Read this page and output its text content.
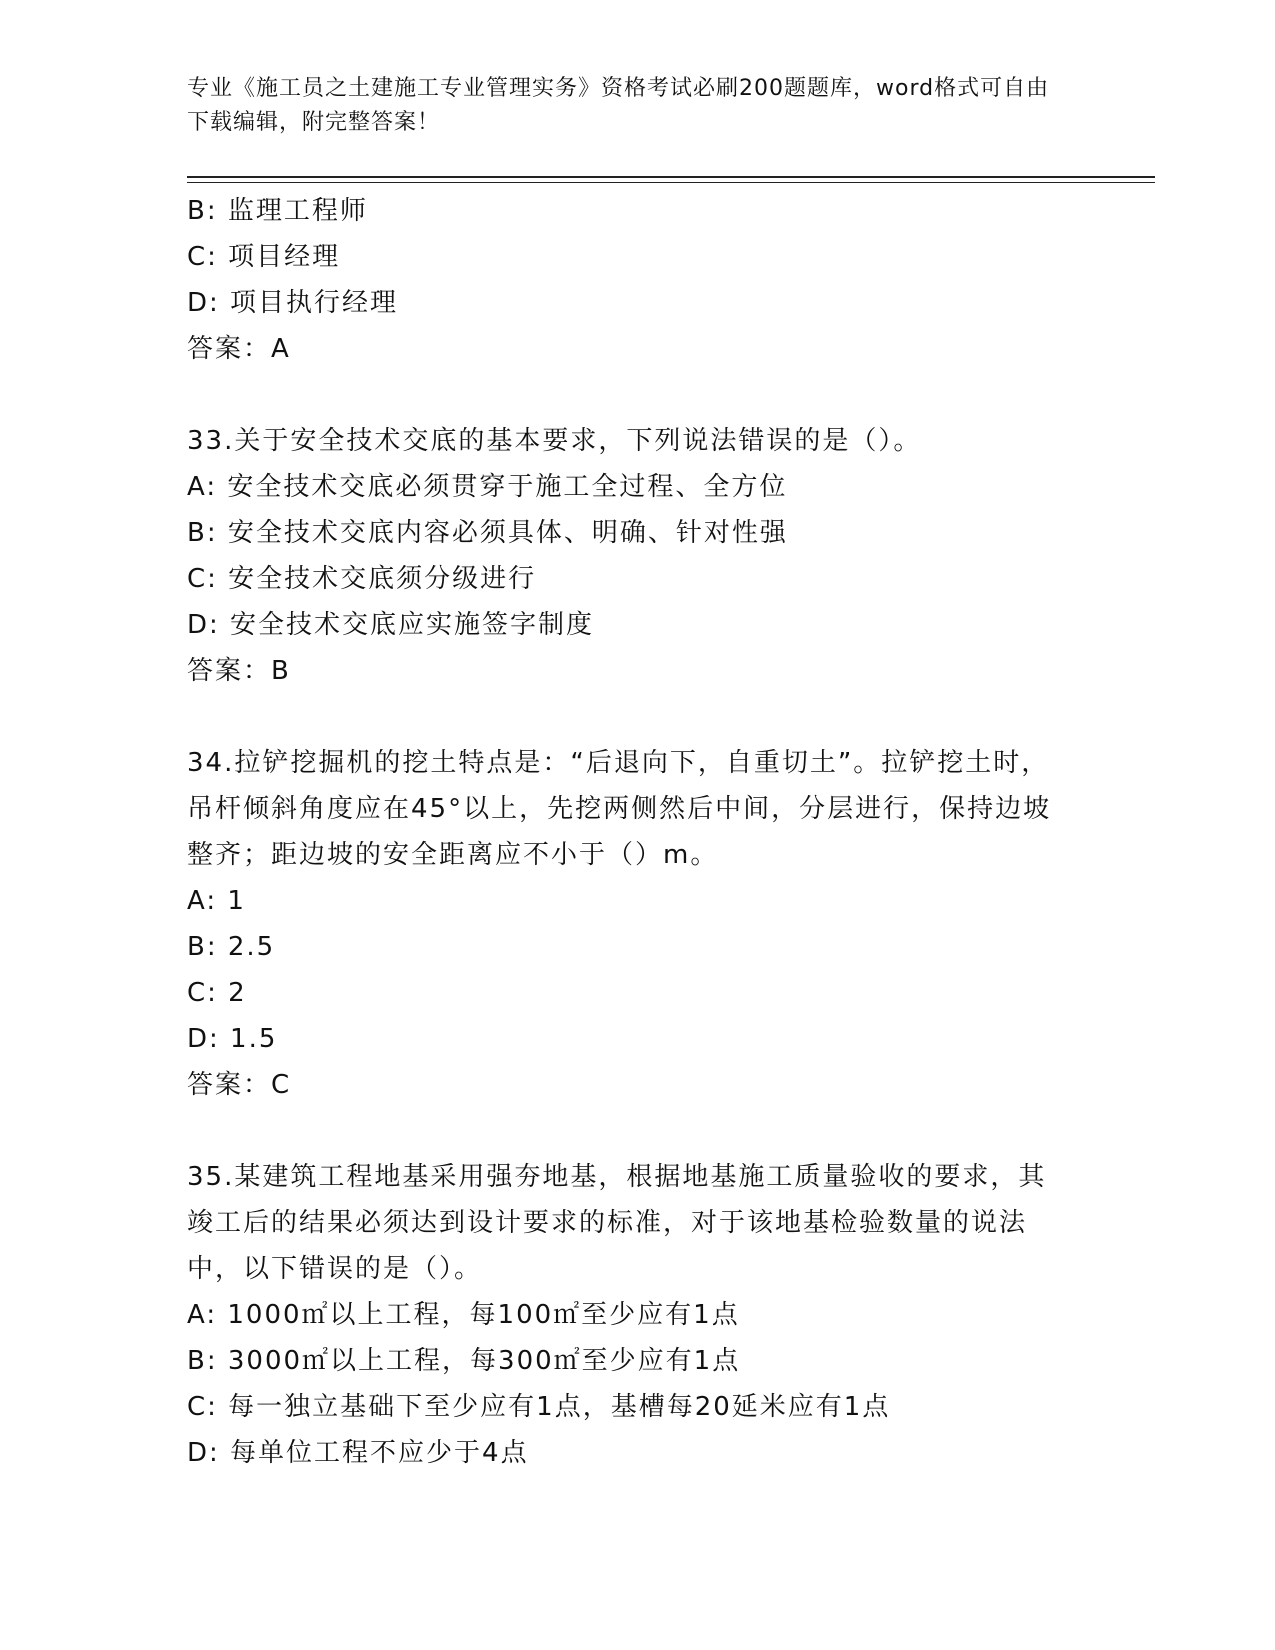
专业《施工员之土建施工专业管理实务》资格考试必刷200题题库，word格式可自由下载编辑，附完整答案！
B: 监理工程师
C: 项目经理
D: 项目执行经理
答案：A
33.关于安全技术交底的基本要求，下列说法错误的是（）。
A: 安全技术交底必须贯穿于施工全过程、全方位
B: 安全技术交底内容必须具体、明确、针对性强
C: 安全技术交底须分级进行
D: 安全技术交底应实施签字制度
答案：B
34.拉铲挖掘机的挖土特点是：“后退向下，自重切土”。拉铲挖土时，吊杆倾斜角度应在45°以上，先挖两侧然后中间，分层进行，保持边坡整齐；距边坡的安全距离应不小于（）m。
A: 1
B: 2.5
C: 2
D: 1.5
答案：C
35.某建筑工程地基采用强夯地基，根据地基施工质量验收的要求，其竣工后的结果必须达到设计要求的标准，对于该地基检验数量的说法中，以下错误的是（）。
A: 1000㎡以上工程，每100㎡至少应有1点
B: 3000㎡以上工程，每300㎡至少应有1点
C: 每一独立基础下至少应有1点，基槽每20延米应有1点
D: 每单位工程不应少于4点
